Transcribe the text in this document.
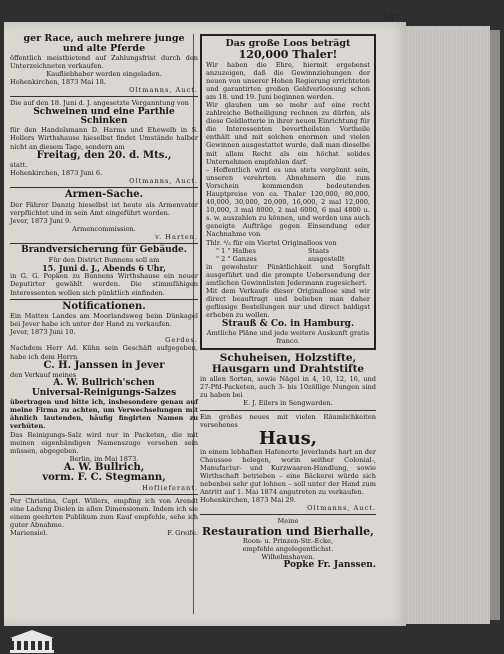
547
ger Race, auch mehrere junge
und alte Pferde

öffentlich meistbietend auf Zahlungsfrist durch den Unterzeichneten verkaufen.

Kaufliebhaber werden eingeladen.
Hohenkirchen, 1873 Mai 18.
Oltmanns, Auct.

Die auf den 18. Juni d. J. angesetzte Verganntung von

Schweinen und eine Parthie
Schinken

für den Handelsmann D. Harms und Ehewelb in S. Hollers Wirthshause hieselbst findet Umstände halber nicht an diesem Tage, sondern am

Freitag, den 20. d. Mts.,
statt.
Hohenkirchen, 1873 Juni 6.
Oltmanns, Auct.
Armen-Sache.

Der Fährer Danzig hieselbst ist heute als Armenvater verpflichtet und in sein Amt eingeführt worden.

Jever, 1873 Juni 9.
Armencommission.
v. Harten.
Brandversicherung für Gebäude.
Für den District Bunnens soll am
15. Juni d. J., Abends 6 Uhr,

in G. G. Popken zu Bunnens Wirthshause ein neuer Deputirter gewählt werden. Die stimmfähigen Interessenten wollen sich pünktlich einfinden.

Notificationen.

Ein Matten Landes am Moorlandsweg beim Dünkagel bei Jever habe ich unter der Hand zu verkaufen.

Jever, 1873 Juni 10.
Gerdes.

Nachdem Herr Ad. Kühn sein Geschäft aufgegeben, habe ich dem Herrn

C. H. Janssen in Jever
den Verkauf meines
A. W. Bullrich'schen
Universal-Reinigungs-Salzes

übertragen und bitte ich, insbesondere genau auf meine Firma zu achten, um Verwechselungen mit ähnlich lautenden, häufig fingirten Namen zu verhüten.

Das Reinigungs-Salz wird nur in Packeten, die mit meinen eigenhändigen Namenszuge versehen sein müssen, abgegeben.

Berlin, im Mai 1873.
A. W. Bullrich,
vorm. F. C. Stegmann,
Hoflieferant.

Per Christina, Capt. Willers, empfing ich von Arendt eine Ladung Dielen in allen Dimensionen. Indem ich sie einem geehrten Publikum zum Kauf empfehle, sehe ich guter Abnahme.

Mariensiel.	F. Greife.
Das große Loos beträgt
120,000 Thaler!

Wir haben die Ehre, hiermit ergebenst anzuzeigen, daß die Gewinnziehungen der neuen von unserer Hohen Regierung errichteten und garantirten großen Geldverloosung schon am 18. und 19. Juni beginnen werden.

Wir glauben um so mehr auf eine recht zahlreiche Betheiligung rechnen zu dürfen, als diese Geldlotterie in ihrer neuen Einrichtung für die Interessenten bevortheilsten Vortheile enthält und mit solchen enormen und vielen Gewinnen ausgestattet wurde, daß man dieselbe mit allem Recht als ein höchst solides Unternehmen empfehlen darf.

– Hoffentlich wird es uns stets vergönnt sein, unseren verehrten Abnehmern die zum Vorschein kommenden bedeutenden Hauptpreise von ca. Thaler 120,000, 80,000, 40,000, 30,000, 20,000, 16,000, 2 mal 12,000, 10,000, 3 mal 8000, 2 mal 6000, 6 mal 4800 u. s. w. auszahlen zu können, und werden uns auch geneigte Aufträge gegen Einsendung oder Nachnahme von

Thlr. ⁴/₃ für ein Viertel Originalloos von
" 1 " Halbes
" 2 " Ganzes
Staats ausgestellt

in gewohnter Pünktlichkeit und Sorgfalt ausgeführt und die prompte Uebersendung der amtlichen Gewinnlisten Jedermann zugesichert.

Mit dem Verkaufe dieser Originallose sind wir direct beauftragt und belieben man daher geflissige Bestellungen nur und direct baldigst erheben zu wollen.

Strauß & Co. in Hamburg.
Amtliche Pläne und jede weitere Auskunft gratis franco.
Schuheisen, Holzstifte,
Hausgarn und Drahtstifte

in allen Sorten, sowie Nägel in 4, 10, 12, 16, und 27-Pfd-Packeten, auch 3- bis 10zöllige Nungen sind zu haben bei

E. J. Eilers in Sengwarden.

Ein großes neues mit vielen Räumlichkeiten versehenes

Haus,

in einem lebhaften Hafenorte Jeverlands hart an der Chaussee belegen, worin seither Colonial-, Manufactur- und Kurzwaaren-Handlung, sowie Wirthschaft betrieben – eine Bäckerei würde sich nebenbei sehr gut lohnen – soll unter der Hand zum Antritt auf 1. Mai 1874 angutreten zu verkaufen.

Hohenkirchen, 1873 Mai 29.
Oltmanns, Auct.
Meine
Restauration und Bierhalle,
Roon- u. Prinzen-Str.-Ecke,
empfehle angelegentlichst.
Wilhelmshaven.
Popke Fr. Janssen.
